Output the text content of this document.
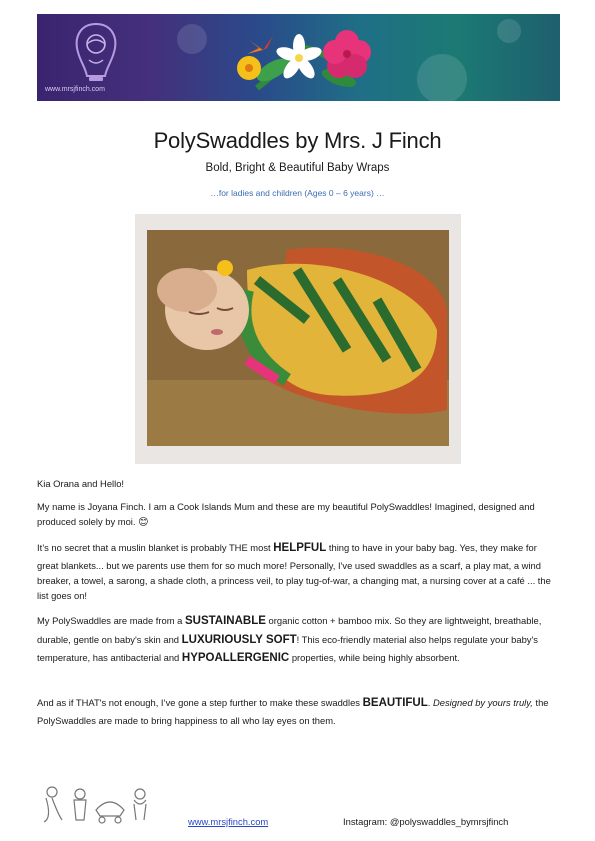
www.mrsjfinch.com
PolySwaddles by Mrs. J Finch
Bold, Bright & Beautiful Baby Wraps
…for ladies and children (Ages 0 – 6 years) …

Kia Orana and Hello!

My name is Joyana Finch. I am a Cook Islands Mum and these are my beautiful PolySwaddles! Imagined, designed and produced solely by moi. 😊

It’s no secret that a muslin blanket is probably THE most HELPFUL thing to have in your baby bag. Yes, they make for great blankets... but we parents use them for so much more! Personally, I've used swaddles as a scarf, a play mat, a wind breaker, a towel, a sarong, a shade cloth, a princess veil, to play tug-of-war, a changing mat, a nursing cover at a café ... the list goes on!

My PolySwaddles are made from a SUSTAINABLE organic cotton + bamboo mix. So they are lightweight, breathable, durable, gentle on baby's skin and LUXURIOUSLY SOFT! This eco-friendly material also helps regulate your baby's temperature, has antibacterial and HYPOALLERGENIC properties, while being highly absorbent.

And as if THAT's not enough, I’ve gone a step further to make these swaddles BEAUTIFUL. Designed by yours truly, the PolySwaddles are made to bring happiness to all who lay eyes on them.

www.mrsjfinch.com	Instagram: @polyswaddles_bymrsjfinch
